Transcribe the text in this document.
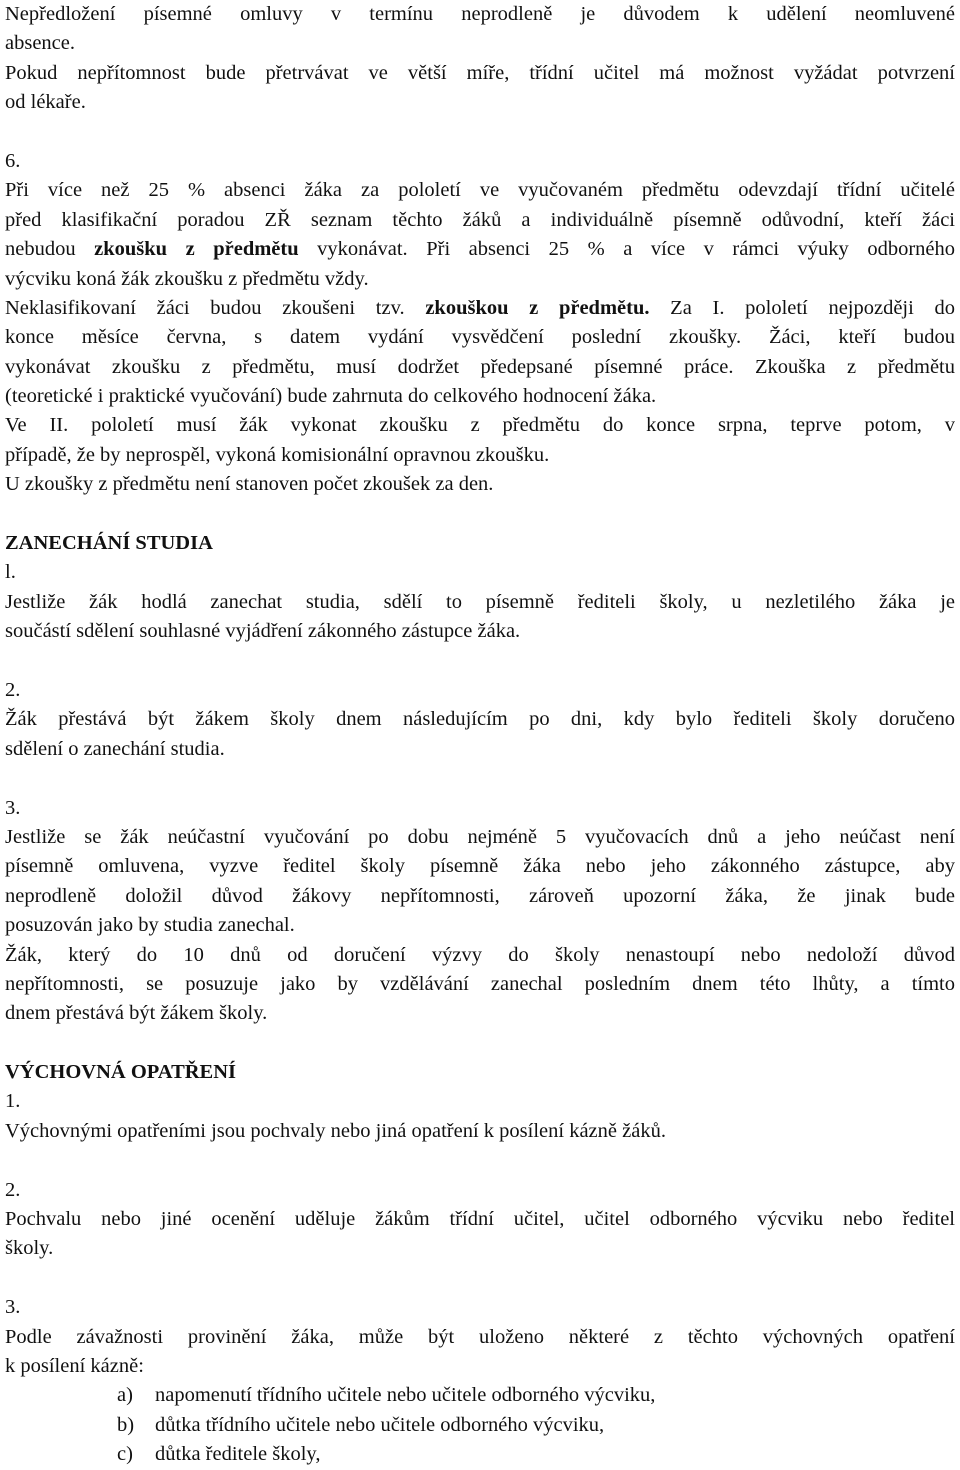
Nepředložení písemné omluvy v termínu neprodleně je důvodem k udělení neomluvené
absence.
Pokud nepřítomnost bude přetrvávat ve větší míře, třídní učitel má možnost vyžádat potvrzení
od lékaře.
6.
Při více než 25 % absenci žáka za pololetí ve vyučovaném předmětu odevzdají třídní učitelé
před klasifikační poradou ZŘ seznam těchto žáků a individuálně písemně odůvodní, kteří žáci
nebudou zkoušku z předmětu vykonávat. Při absenci 25 % a více v rámci výuky odborného
výcviku koná žák zkoušku z předmětu vždy.
Neklasifikovaní žáci budou zkoušeni tzv. zkouškou z předmětu. Za I. pololetí nejpozději do
konce měsíce června, s datem vydání vysvědčení poslední zkoušky. Žáci, kteří budou
vykonávat zkoušku z předmětu, musí dodržet předepsané písemné práce. Zkouška z předmětu
(teoretické i praktické vyučování) bude zahrnuta do celkového hodnocení žáka.
Ve II. pololetí musí žák vykonat zkoušku z předmětu do konce srpna, teprve potom, v
případě, že by neprospěl, vykoná komisionální opravnou zkoušku.
U zkoušky z předmětu není stanoven počet zkoušek za den.
ZANECHÁNÍ STUDIA
l.
Jestliže žák hodlá zanechat studia, sdělí to písemně řediteli školy, u nezletilého žáka je
součástí sdělení souhlasné vyjádření zákonného zástupce žáka.
2.
Žák přestává být žákem školy dnem následujícím po dni, kdy bylo řediteli školy doručeno
sdělení o zanechání studia.
3.
Jestliže se žák neúčastní vyučování po dobu nejméně 5 vyučovacích dnů a jeho neúčast není
písemně omluvena, vyzve ředitel školy písemně žáka nebo jeho zákonného zástupce, aby
neprodleně doložil důvod žákovy nepřítomnosti, zároveň upozorní žáka, že jinak bude
posuzován jako by studia zanechal.
Žák, který do 10 dnů od doručení výzvy do školy nenastoupí nebo nedoloží důvod
nepřítomnosti, se posuzuje jako by vzdělávání zanechal posledním dnem této lhůty, a tímto
dnem přestává být žákem školy.
VÝCHOVNÁ OPATŘENÍ
1.
Výchovnými opatřeními jsou pochvaly nebo jiná opatření k posílení kázně žáků.
2.
Pochvalu nebo jiné ocenění uděluje žákům třídní učitel, učitel odborného výcviku nebo ředitel
školy.
3.
Podle závažnosti provinění žáka, může být uloženo některé z těchto výchovných opatření
k posílení kázně:
a) napomenutí třídního učitele nebo učitele odborného výcviku,
b) důtka třídního učitele nebo učitele odborného výcviku,
c) důtka ředitele školy,
